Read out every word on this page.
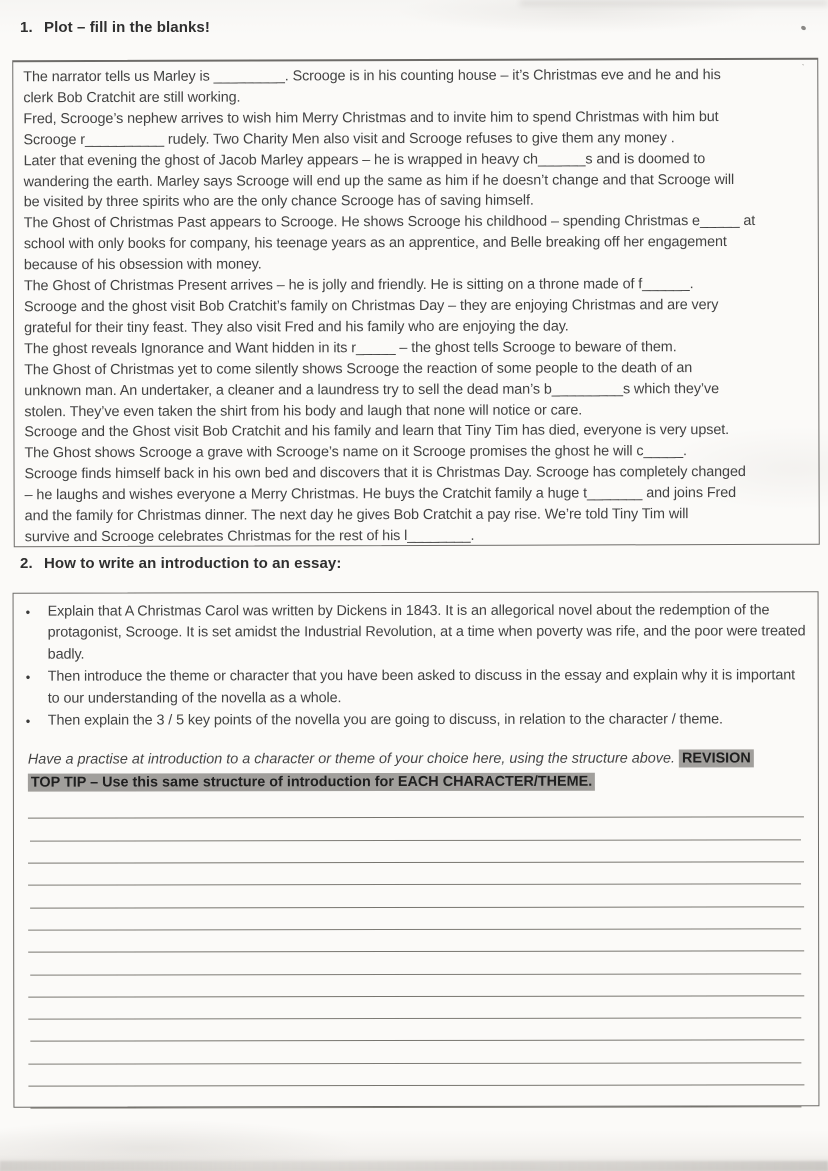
1. Plot – fill in the blanks!
The narrator tells us Marley is _________. Scrooge is in his counting house – it’s Christmas eve and he and his
clerk Bob Cratchit are still working.
Fred, Scrooge’s nephew arrives to wish him Merry Christmas and to invite him to spend Christmas with him but
Scrooge r__________ rudely. Two Charity Men also visit and Scrooge refuses to give them any money .
Later that evening the ghost of Jacob Marley appears – he is wrapped in heavy ch______s and is doomed to
wandering the earth. Marley says Scrooge will end up the same as him if he doesn’t change and that Scrooge will
be visited by three spirits who are the only chance Scrooge has of saving himself.
The Ghost of Christmas Past appears to Scrooge. He shows Scrooge his childhood – spending Christmas e_____ at
school with only books for company, his teenage years as an apprentice, and Belle breaking off her engagement
because of his obsession with money.
The Ghost of Christmas Present arrives – he is jolly and friendly. He is sitting on a throne made of f______.
Scrooge and the ghost visit Bob Cratchit’s family on Christmas Day – they are enjoying Christmas and are very
grateful for their tiny feast. They also visit Fred and his family who are enjoying the day.
The ghost reveals Ignorance and Want hidden in its r_____ – the ghost tells Scrooge to beware of them.
The Ghost of Christmas yet to come silently shows Scrooge the reaction of some people to the death of an
unknown man. An undertaker, a cleaner and a laundress try to sell the dead man’s b_________s which they’ve
stolen. They’ve even taken the shirt from his body and laugh that none will notice or care.
Scrooge and the Ghost visit Bob Cratchit and his family and learn that Tiny Tim has died, everyone is very upset.
The Ghost shows Scrooge a grave with Scrooge’s name on it Scrooge promises the ghost he will c_____.
Scrooge finds himself back in his own bed and discovers that it is Christmas Day. Scrooge has completely changed
– he laughs and wishes everyone a Merry Christmas. He buys the Cratchit family a huge t_______ and joins Fred
and the family for Christmas dinner. The next day he gives Bob Cratchit a pay rise. We’re told Tiny Tim will
survive and Scrooge celebrates Christmas for the rest of his l________.
2. How to write an introduction to an essay:
•	Explain that A Christmas Carol was written by Dickens in 1843. It is an allegorical novel about the redemption of the protagonist, Scrooge. It is set amidst the Industrial Revolution, at a time when poverty was rife, and the poor were treated badly.
•	Then introduce the theme or character that you have been asked to discuss in the essay and explain why it is important to our understanding of the novella as a whole.
•	Then explain the 3 / 5 key points of the novella you are going to discuss, in relation to the character / theme.
Have a practise at introduction to a character or theme of your choice here, using the structure above. REVISION
TOP TIP – Use this same structure of introduction for EACH CHARACTER/THEME.
